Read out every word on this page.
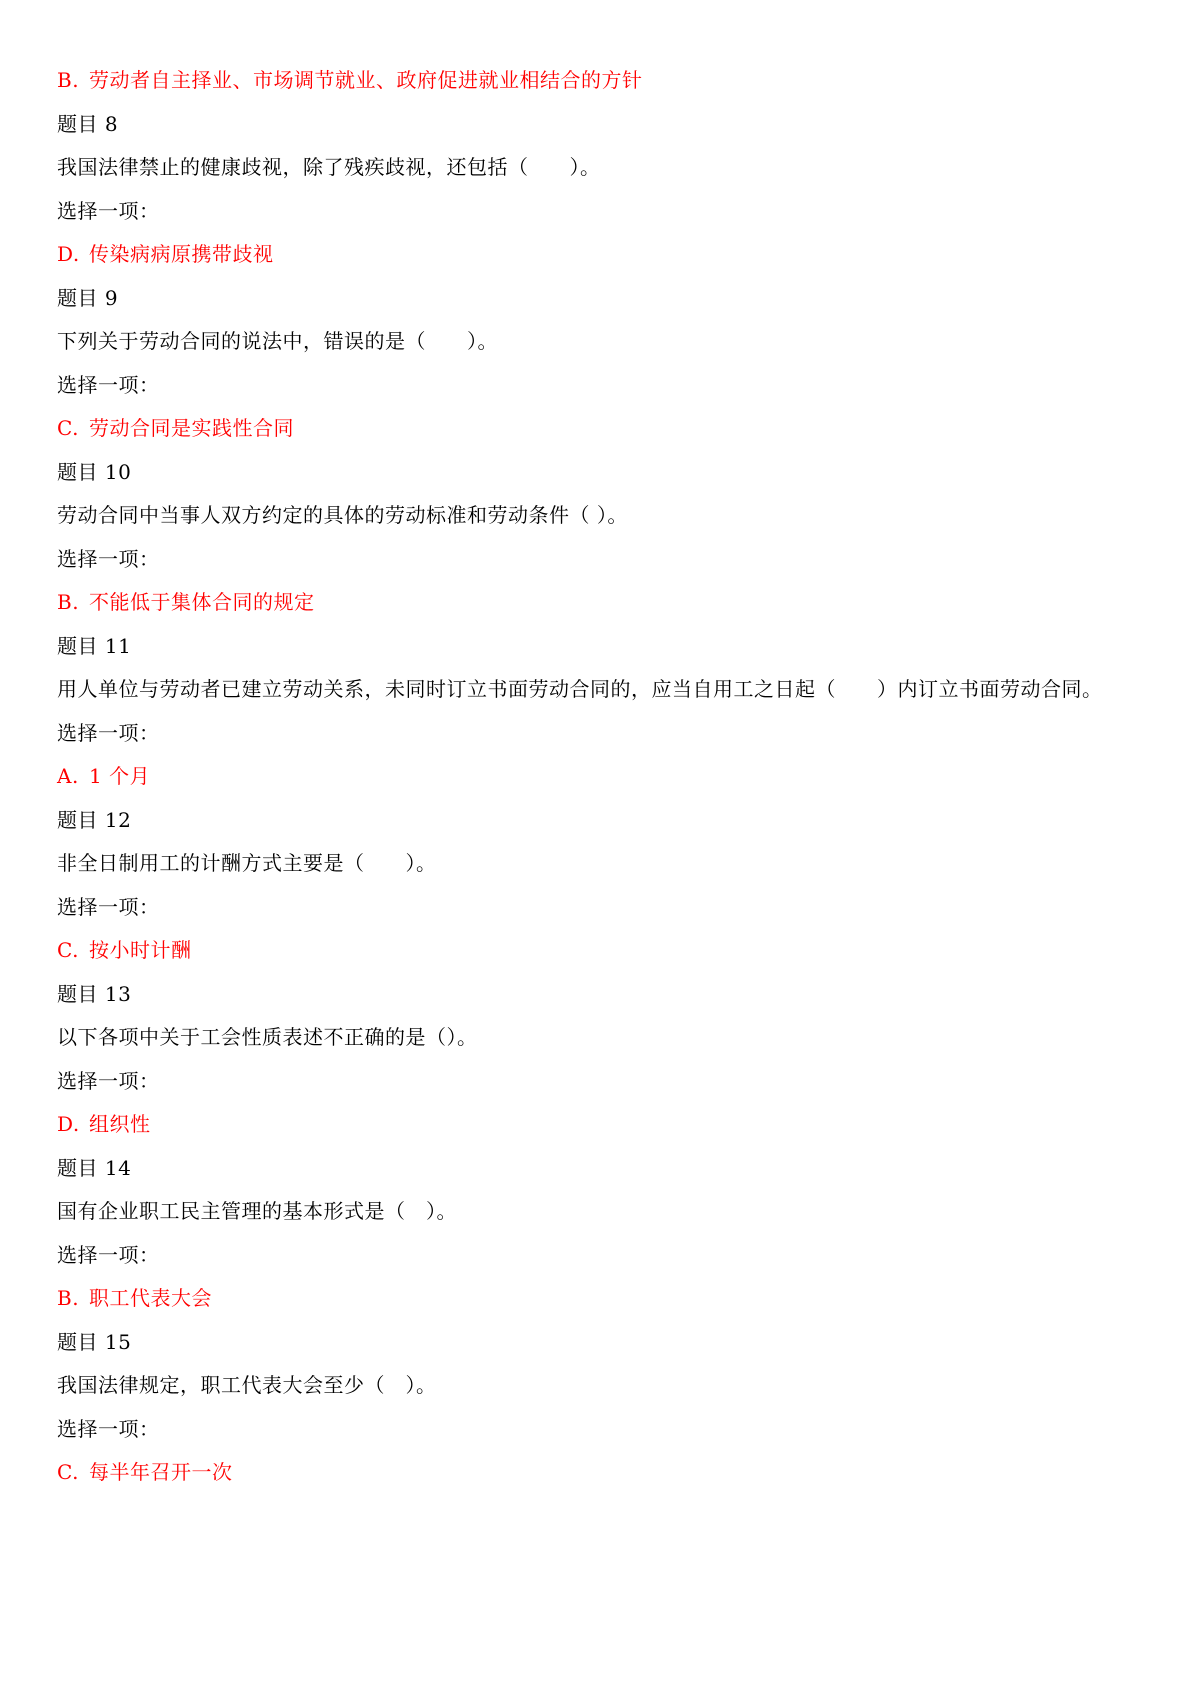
B. 劳动者自主择业、市场调节就业、政府促进就业相结合的方针
题目 8
我国法律禁止的健康歧视，除了残疾歧视，还包括（　　）。
选择一项：
D. 传染病病原携带歧视
题目 9
下列关于劳动合同的说法中，错误的是（　　）。
选择一项：
C. 劳动合同是实践性合同
题目 10
劳动合同中当事人双方约定的具体的劳动标准和劳动条件（ ）。
选择一项：
B. 不能低于集体合同的规定
题目 11
用人单位与劳动者已建立劳动关系，未同时订立书面劳动合同的，应当自用工之日起（　　）内订立书面劳动合同。
选择一项：
A. 1 个月
题目 12
非全日制用工的计酬方式主要是（　　）。
选择一项：
C. 按小时计酬
题目 13
以下各项中关于工会性质表述不正确的是（）。
选择一项：
D. 组织性
题目 14
国有企业职工民主管理的基本形式是（　）。
选择一项：
B. 职工代表大会
题目 15
我国法律规定，职工代表大会至少（　）。
选择一项：
C. 每半年召开一次
